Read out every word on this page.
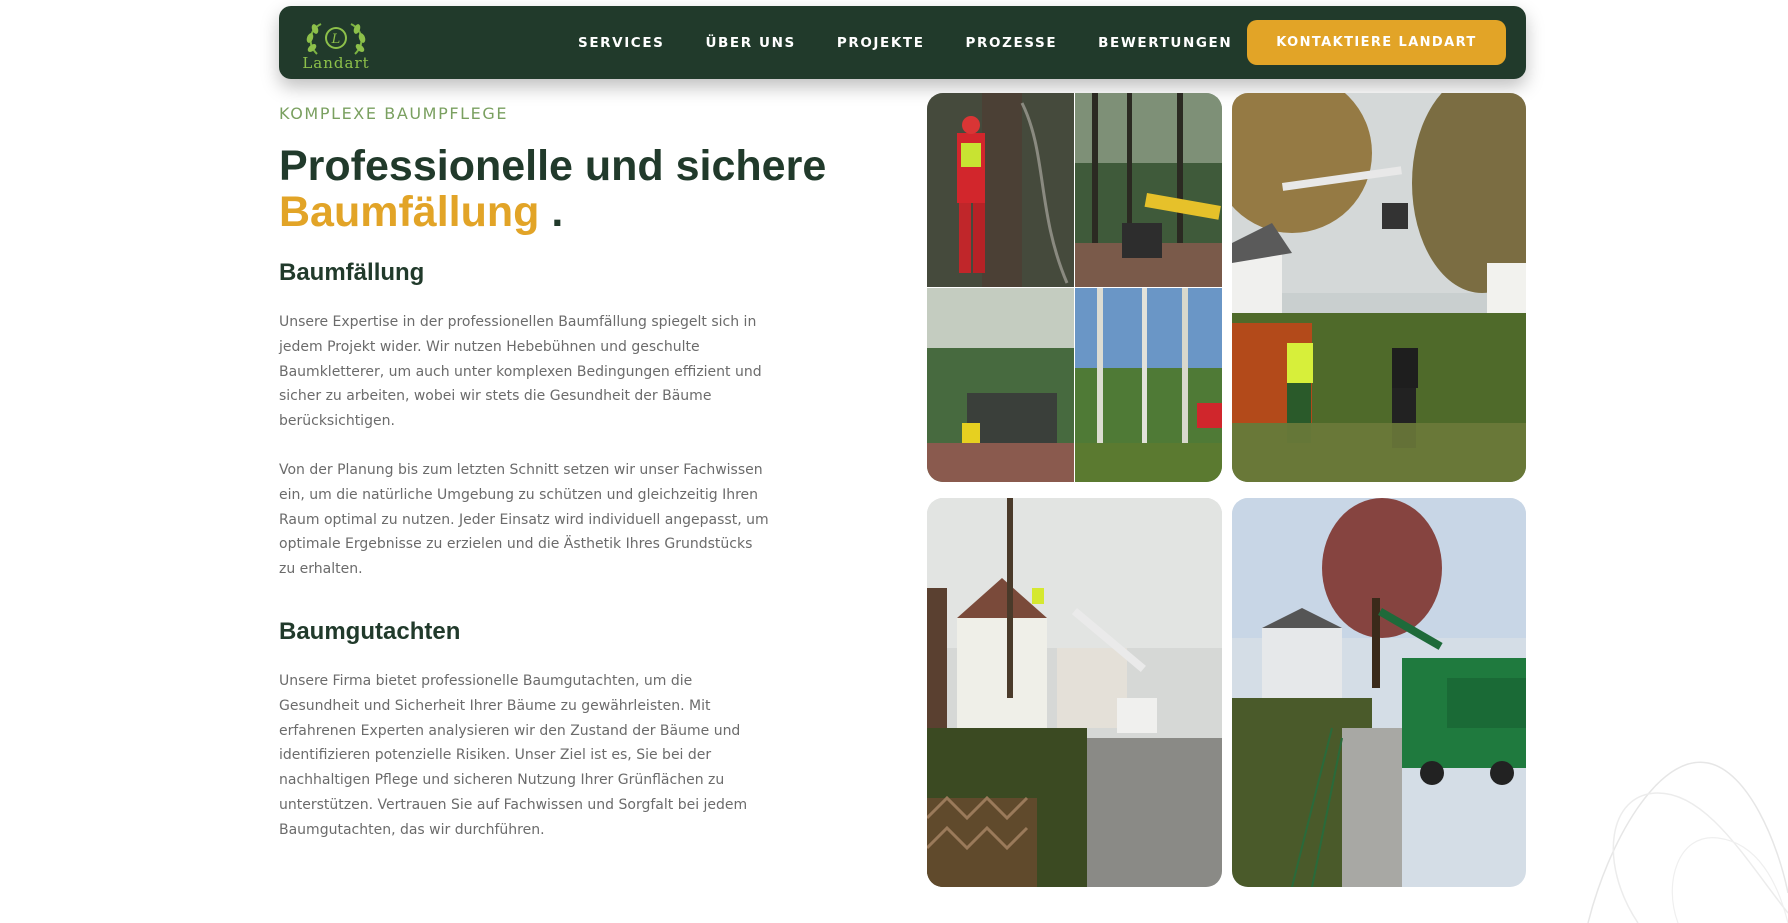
L
Landart
SERVICES	ÜBER UNS	PROJEKTE	PROZESSE	BEWERTUNGEN	KONTAKTIERE LANDART
KOMPLEXE BAUMPFLEGE
Professionelle und sichere
Baumfällung .
Baumfällung

Unsere Expertise in der professionellen Baumfällung spiegelt sich in jedem Projekt wider. Wir nutzen Hebebühnen und geschulte Baumkletterer, um auch unter komplexen Bedingungen effizient und sicher zu arbeiten, wobei wir stets die Gesundheit der Bäume berücksichtigen.

Von der Planung bis zum letzten Schnitt setzen wir unser Fachwissen ein, um die natürliche Umgebung zu schützen und gleichzeitig Ihren Raum optimal zu nutzen. Jeder Einsatz wird individuell angepasst, um optimale Ergebnisse zu erzielen und die Ästhetik Ihres Grundstücks zu erhalten.

Baumgutachten

Unsere Firma bietet professionelle Baumgutachten, um die Gesundheit und Sicherheit Ihrer Bäume zu gewährleisten. Mit erfahrenen Experten analysieren wir den Zustand der Bäume und identifizieren potenzielle Risiken. Unser Ziel ist es, Sie bei der nachhaltigen Pflege und sicheren Nutzung Ihrer Grünflächen zu unterstützen. Vertrauen Sie auf Fachwissen und Sorgfalt bei jedem Baumgutachten, das wir durchführen.
